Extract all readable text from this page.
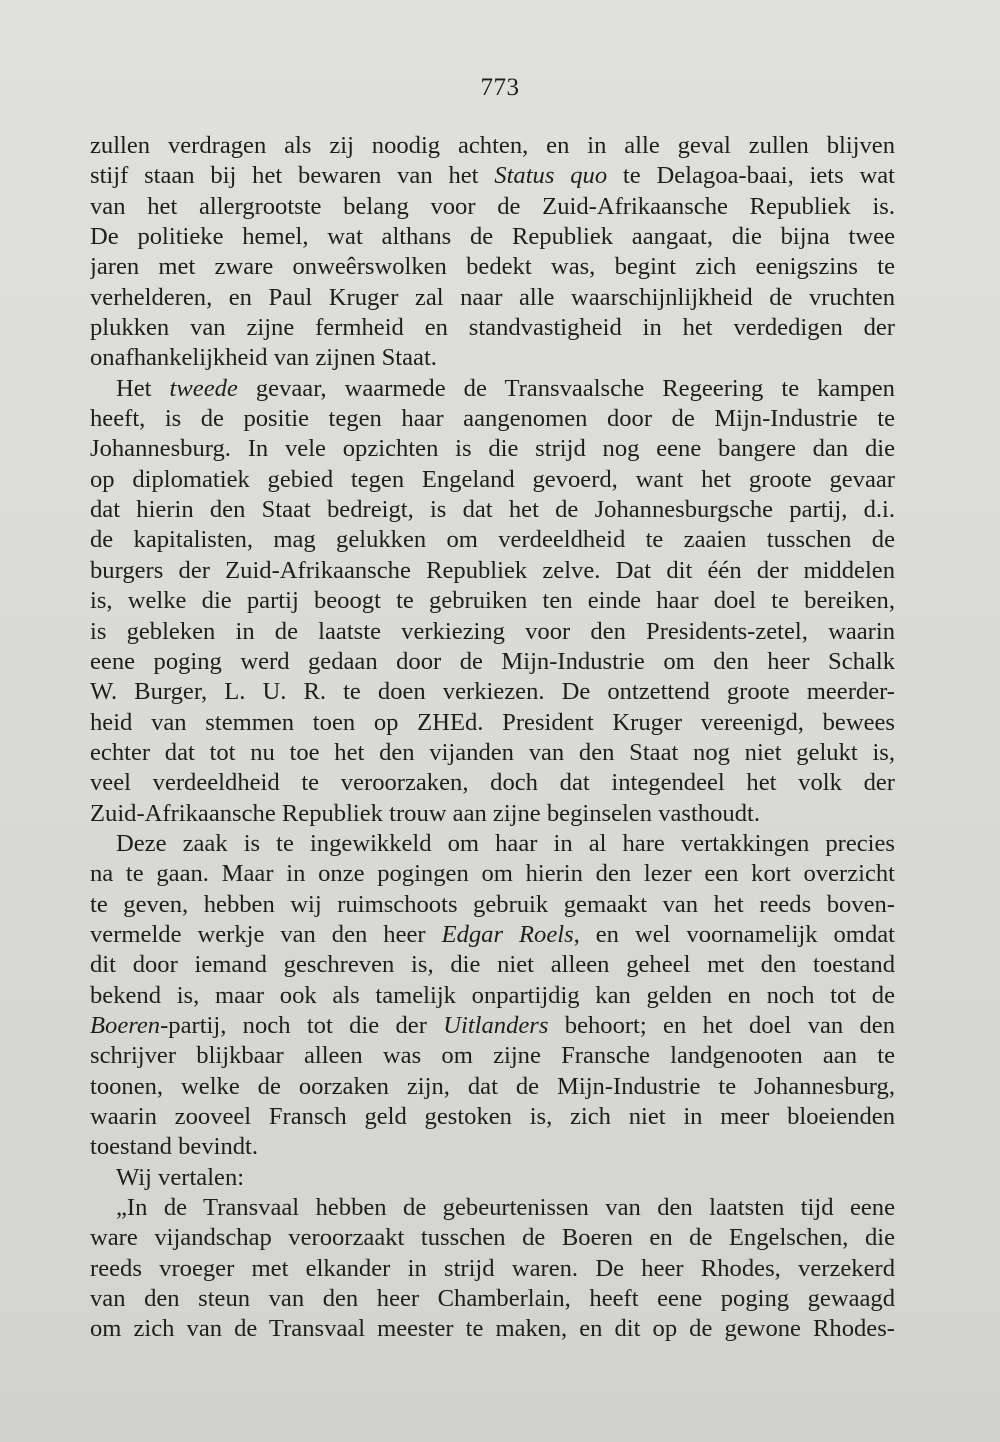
773
zullen verdragen als zij noodig achten, en in alle geval zullen blijven
stijf staan bij het bewaren van het Status quo te Delagoa-baai, iets wat
van het allergrootste belang voor de Zuid-Afrikaansche Republiek is.
De politieke hemel, wat althans de Republiek aangaat, die bijna twee
jaren met zware onweêrswolken bedekt was, begint zich eenigszins te
verhelderen, en Paul Kruger zal naar alle waarschijnlijkheid de vruchten
plukken van zijne fermheid en standvastigheid in het verdedigen der
onafhankelijkheid van zijnen Staat.
Het tweede gevaar, waarmede de Transvaalsche Regeering te kampen
heeft, is de positie tegen haar aangenomen door de Mijn-Industrie te
Johannesburg. In vele opzichten is die strijd nog eene bangere dan die
op diplomatiek gebied tegen Engeland gevoerd, want het groote gevaar
dat hierin den Staat bedreigt, is dat het de Johannesburgsche partij, d.i.
de kapitalisten, mag gelukken om verdeeldheid te zaaien tusschen de
burgers der Zuid-Afrikaansche Republiek zelve. Dat dit één der middelen
is, welke die partij beoogt te gebruiken ten einde haar doel te bereiken,
is gebleken in de laatste verkiezing voor den Presidents-zetel, waarin
eene poging werd gedaan door de Mijn-Industrie om den heer Schalk
W. Burger, L. U. R. te doen verkiezen. De ontzettend groote meerder-
heid van stemmen toen op ZHEd. President Kruger vereenigd, bewees
echter dat tot nu toe het den vijanden van den Staat nog niet gelukt is,
veel verdeeldheid te veroorzaken, doch dat integendeel het volk der
Zuid-Afrikaansche Republiek trouw aan zijne beginselen vasthoudt.
Deze zaak is te ingewikkeld om haar in al hare vertakkingen precies
na te gaan. Maar in onze pogingen om hierin den lezer een kort overzicht
te geven, hebben wij ruimschoots gebruik gemaakt van het reeds boven-
vermelde werkje van den heer Edgar Roels, en wel voornamelijk omdat
dit door iemand geschreven is, die niet alleen geheel met den toestand
bekend is, maar ook als tamelijk onpartijdig kan gelden en noch tot de
Boeren-partij, noch tot die der Uitlanders behoort; en het doel van den
schrijver blijkbaar alleen was om zijne Fransche landgenooten aan te
toonen, welke de oorzaken zijn, dat de Mijn-Industrie te Johannesburg,
waarin zooveel Fransch geld gestoken is, zich niet in meer bloeienden
toestand bevindt.
Wij vertalen:
„In de Transvaal hebben de gebeurtenissen van den laatsten tijd eene
ware vijandschap veroorzaakt tusschen de Boeren en de Engelschen, die
reeds vroeger met elkander in strijd waren. De heer Rhodes, verzekerd
van den steun van den heer Chamberlain, heeft eene poging gewaagd
om zich van de Transvaal meester te maken, en dit op de gewone Rhodes-
